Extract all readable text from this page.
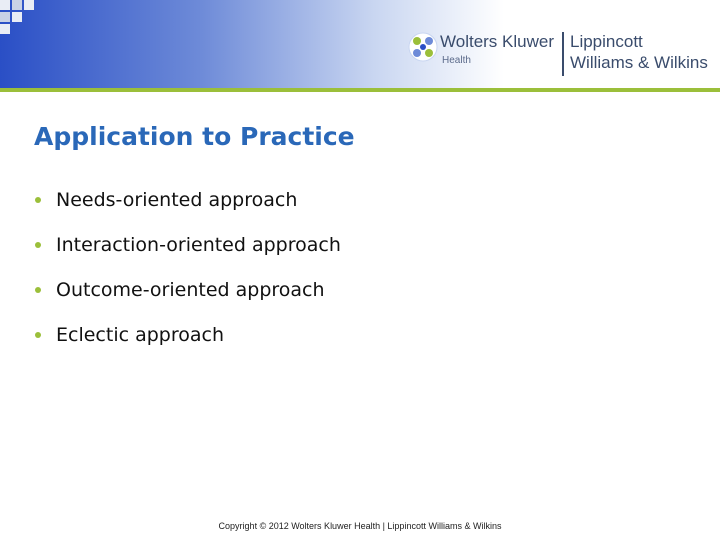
Wolters Kluwer
Health
Lippincott
Williams & Wilkins
Application to Practice
Needs-oriented approach
Interaction-oriented approach
Outcome-oriented approach
Eclectic approach
Copyright © 2012 Wolters Kluwer Health | Lippincott Williams & Wilkins
